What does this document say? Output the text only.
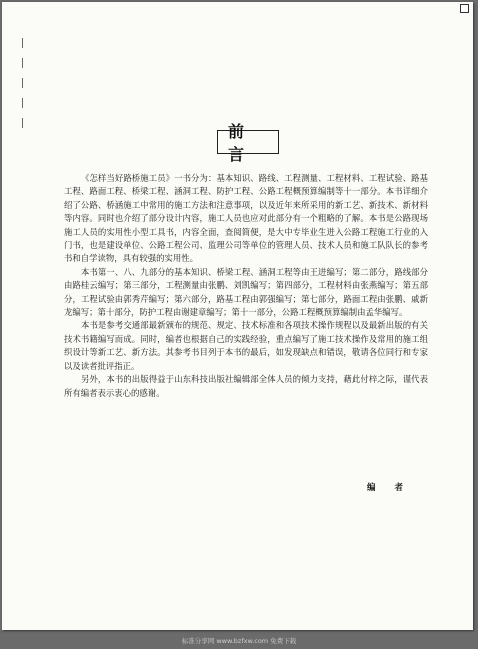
前 言

《怎样当好路桥施工员》一书分为：基本知识、路线、工程测量、工程材料、工程试验、路基工程、路面工程、桥梁工程、涵洞工程、防护工程、公路工程概预算编制等十一部分。本书详细介绍了公路、桥涵施工中常用的施工方法和注意事项，以及近年来所采用的新工艺、新技术、新材料等内容。同时也介绍了部分设计内容，施工人员也应对此部分有一个粗略的了解。本书是公路现场施工人员的实用性小型工具书，内容全面，查阅简便，是大中专毕业生进入公路工程施工行业的入门书，也是建设单位、公路工程公司、监理公司等单位的管理人员、技术人员和施工队队长的参考书和自学读物，具有较强的实用性。

本书第一、八、九部分的基本知识、桥梁工程、涵洞工程等由王进编写；第二部分，路线部分由路桂云编写；第三部分，工程测量由张鹏、刘凯编写；第四部分，工程材料由张燕编写；第五部分，工程试验由郭秀芹编写；第六部分，路基工程由郭强编写；第七部分，路面工程由张鹏、戚新龙编写；第十部分，防护工程由谢建章编写；第十一部分，公路工程概预算编制由孟华编写。

本书是参考交通部最新颁布的规范、规定、技术标准和各项技术操作规程以及最新出版的有关技术书籍编写而成。同时，编者也根据自己的实践经验，重点编写了施工技术操作及常用的施工组织设计等新工艺、新方法。其参考书目列于本书的最后，如发现缺点和错误，敬请各位同行和专家以及读者批评指正。

另外，本书的出版得益于山东科技出版社编辑部全体人员的倾力支持，藉此付梓之际，谨代表所有编者表示衷心的感谢。

编 者
标准分享网 www.bzfxw.com 免费下载
